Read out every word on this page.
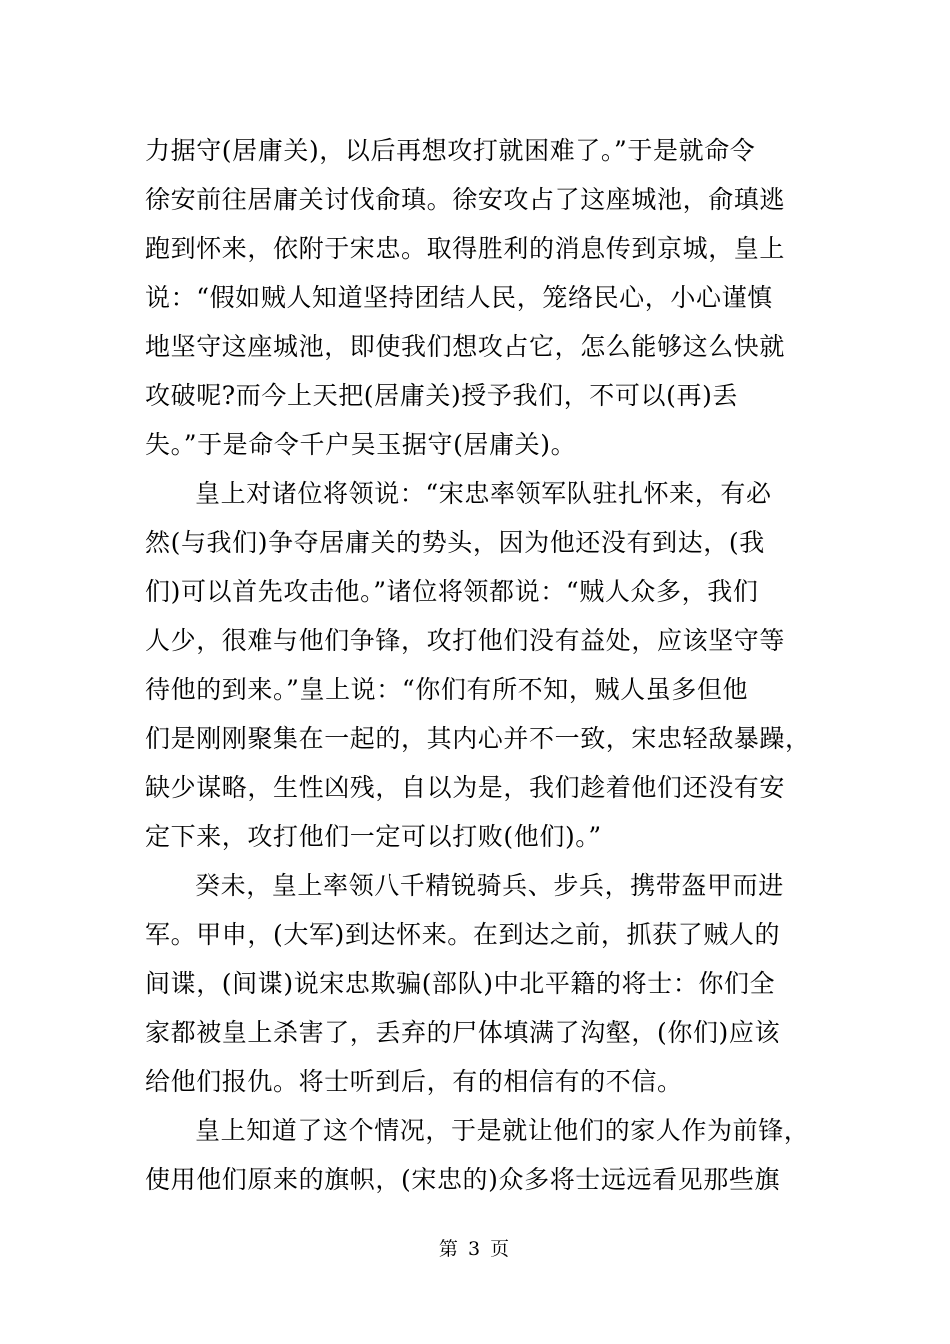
力据守(居庸关)，以后再想攻打就困难了。”于是就命令
徐安前往居庸关讨伐俞瑱。徐安攻占了这座城池，俞瑱逃
跑到怀来，依附于宋忠。取得胜利的消息传到京城，皇上
说：“假如贼人知道坚持团结人民，笼络民心，小心谨慎
地坚守这座城池，即使我们想攻占它，怎么能够这么快就
攻破呢?而今上天把(居庸关)授予我们，不可以(再)丢
失。”于是命令千户吴玉据守(居庸关)。
皇上对诸位将领说：“宋忠率领军队驻扎怀来，有必
然(与我们)争夺居庸关的势头，因为他还没有到达，(我
们)可以首先攻击他。”诸位将领都说：“贼人众多，我们
人少，很难与他们争锋，攻打他们没有益处，应该坚守等
待他的到来。”皇上说：“你们有所不知，贼人虽多但他
们是刚刚聚集在一起的，其内心并不一致，宋忠轻敌暴躁，
缺少谋略，生性凶残，自以为是，我们趁着他们还没有安
定下来，攻打他们一定可以打败(他们)。”
癸未，皇上率领八千精锐骑兵、步兵，携带盔甲而进
军。甲申，(大军)到达怀来。在到达之前，抓获了贼人的
间谍，(间谍)说宋忠欺骗(部队)中北平籍的将士：你们全
家都被皇上杀害了，丢弃的尸体填满了沟壑，(你们)应该
给他们报仇。将士听到后，有的相信有的不信。
皇上知道了这个情况，于是就让他们的家人作为前锋，
使用他们原来的旗帜，(宋忠的)众多将士远远看见那些旗
第 3 页
